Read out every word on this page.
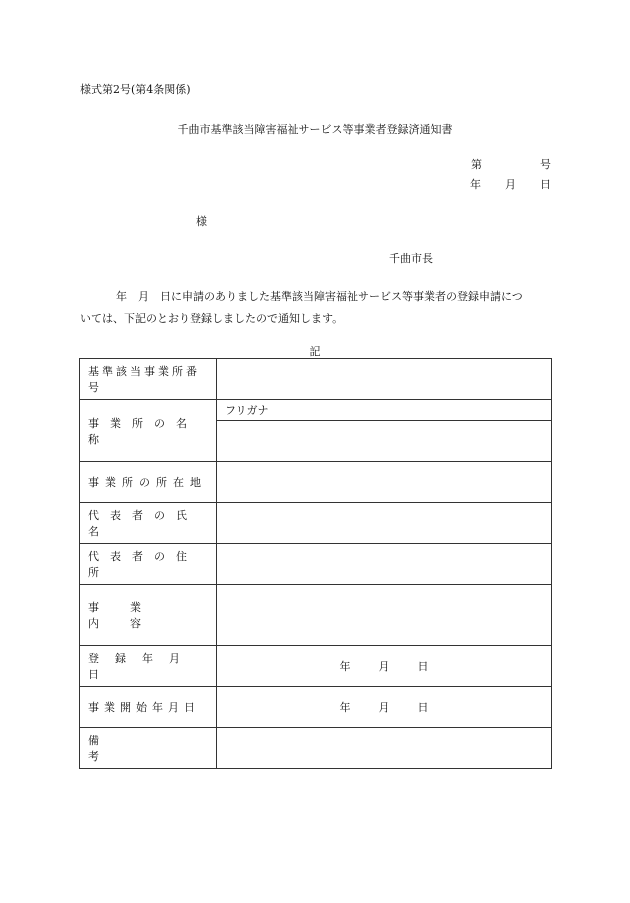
様式第2号(第4条関係)
千曲市基準該当障害福祉サービス等事業者登録済通知書
第	号
年 月 日
様
千曲市長
年　月　日に申請のありました基準該当障害福祉サービス等事業者の登録申請につ
いては、下記のとおり登録しましたので通知します。
記
基準該当事業所番号	

事業所の名称	フリガナ

事業所の所在地	

代表者の氏名	

代表者の住所	

事業内容	

登録年月日	年 月 日

事業開始年月日	年 月 日

備考	
